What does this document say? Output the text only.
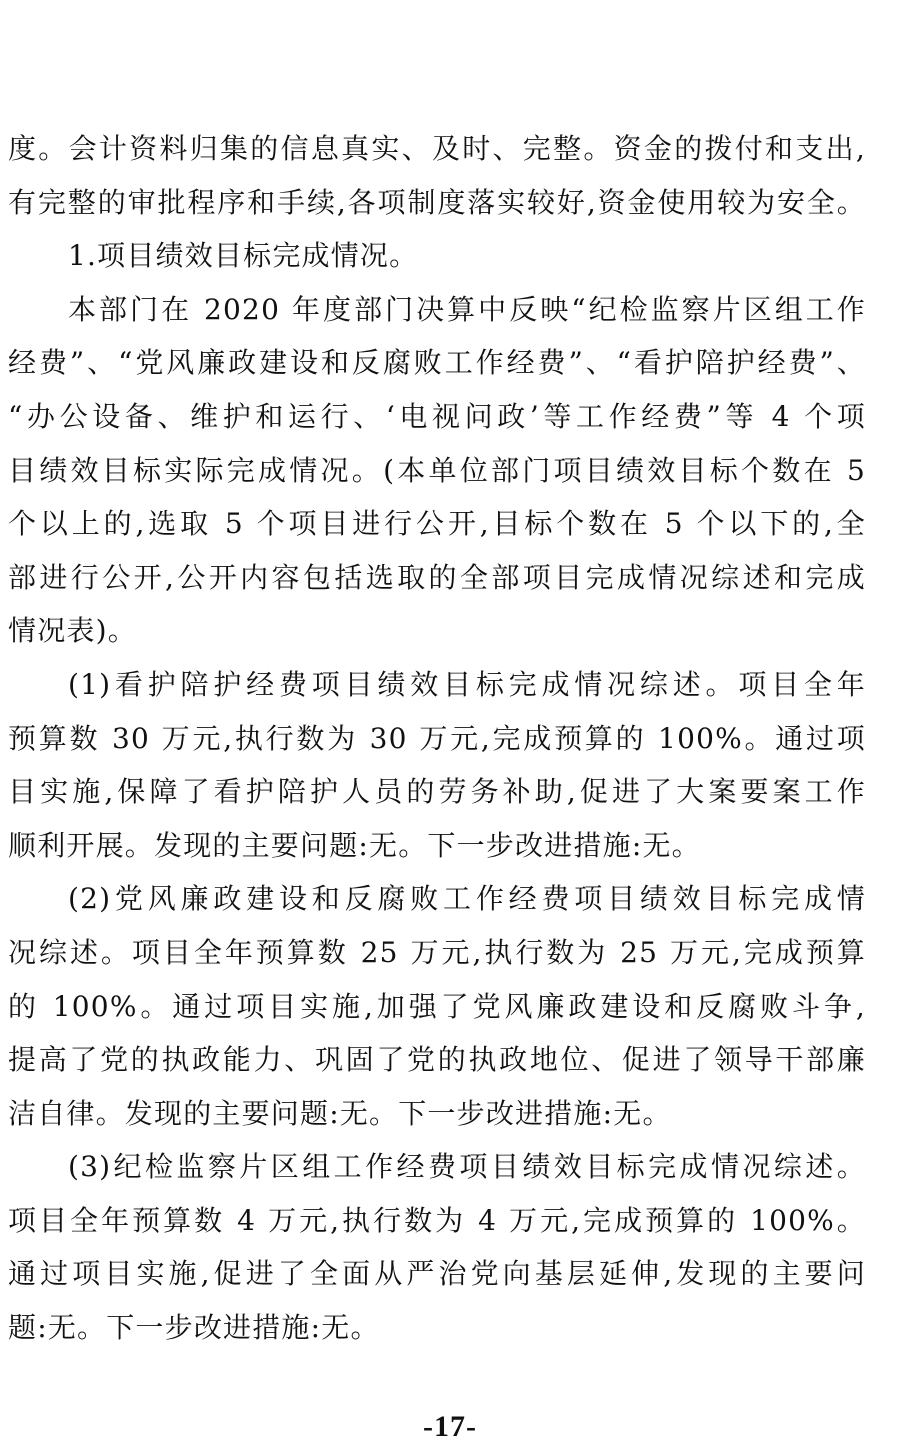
度。会计资料归集的信息真实、及时、完整。资金的拨付和支出,
有完整的审批程序和手续,各项制度落实较好,资金使用较为安全。
1.项目绩效目标完成情况。
本部门在 2020 年度部门决算中反映“纪检监察片区组工作
经费”、“党风廉政建设和反腐败工作经费”、“看护陪护经费”、
“办公设备、维护和运行、‘电视问政’等工作经费”等 4 个项
目绩效目标实际完成情况。(本单位部门项目绩效目标个数在 5
个以上的,选取 5 个项目进行公开,目标个数在 5 个以下的,全
部进行公开,公开内容包括选取的全部项目完成情况综述和完成
情况表)。
(1)看护陪护经费项目绩效目标完成情况综述。项目全年
预算数 30 万元,执行数为 30 万元,完成预算的 100%。通过项
目实施,保障了看护陪护人员的劳务补助,促进了大案要案工作
顺利开展。发现的主要问题:无。下一步改进措施:无。
(2)党风廉政建设和反腐败工作经费项目绩效目标完成情
况综述。项目全年预算数 25 万元,执行数为 25 万元,完成预算
的 100%。通过项目实施,加强了党风廉政建设和反腐败斗争,
提高了党的执政能力、巩固了党的执政地位、促进了领导干部廉
洁自律。发现的主要问题:无。下一步改进措施:无。
(3)纪检监察片区组工作经费项目绩效目标完成情况综述。
项目全年预算数 4 万元,执行数为 4 万元,完成预算的 100%。
通过项目实施,促进了全面从严治党向基层延伸,发现的主要问
题:无。下一步改进措施:无。
-17-
